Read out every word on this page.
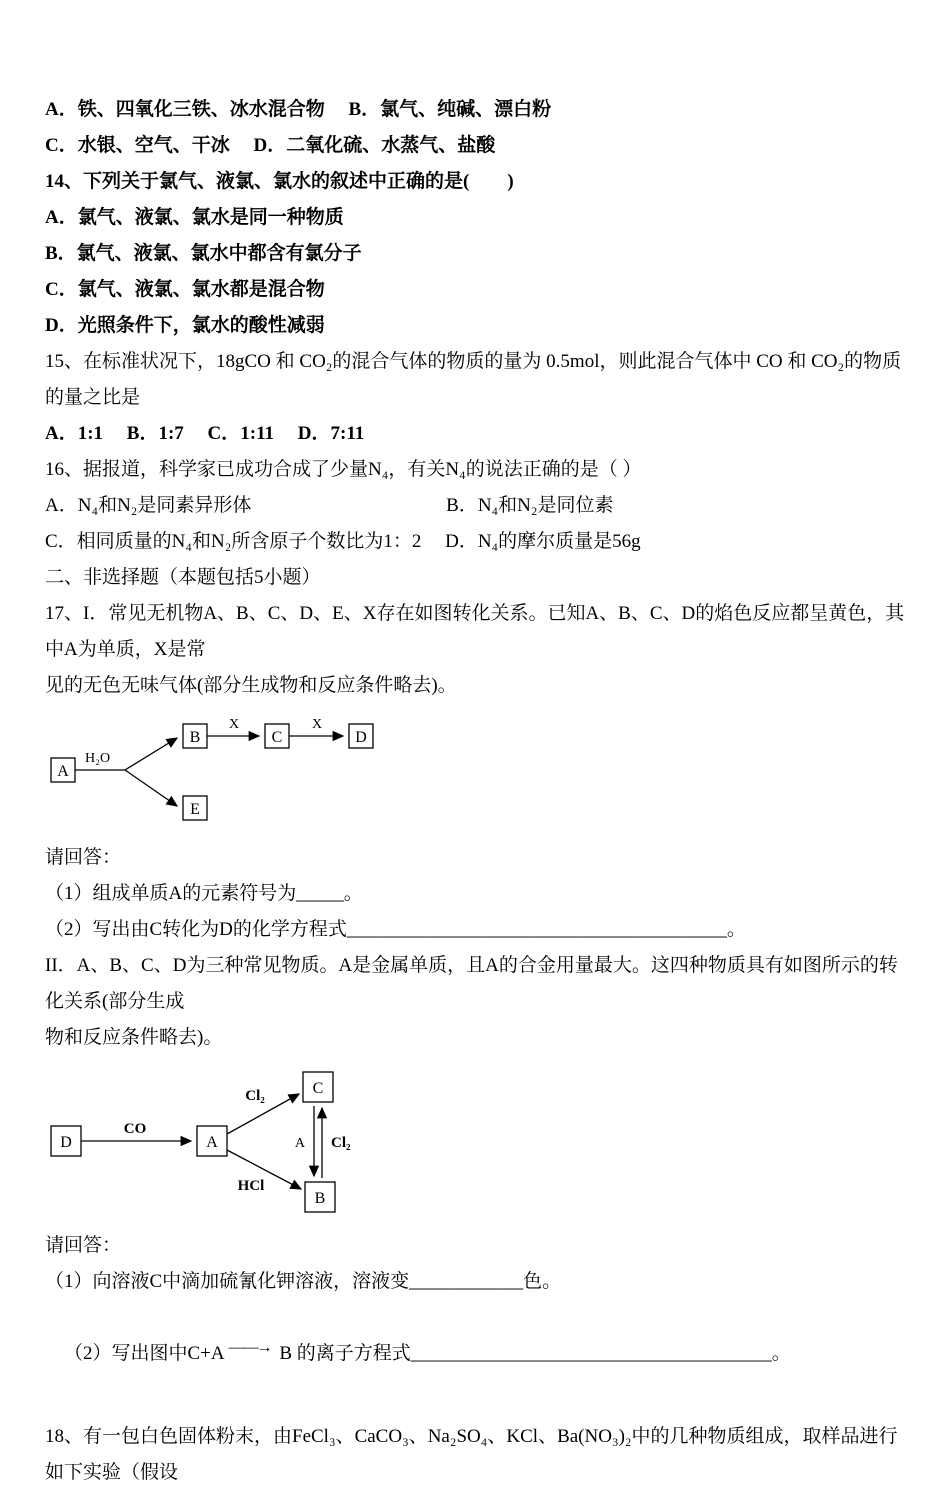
A．铁、四氧化三铁、冰水混合物　 B．氯气、纯碱、漂白粉
C．水银、空气、干冰　 D．二氧化硫、水蒸气、盐酸
14、下列关于氯气、液氯、氯水的叙述中正确的是(　　)
A．氯气、液氯、氯水是同一种物质
B．氯气、液氯、氯水中都含有氯分子
C．氯气、液氯、氯水都是混合物
D．光照条件下，氯水的酸性减弱
15、在标准状况下，18gCO 和 CO₂的混合气体的物质的量为 0.5mol，则此混合气体中 CO 和 CO₂的物质的量之比是
A．1:1　 B．1:7　 C．1:11　 D．7:11
16、据报道，科学家已成功合成了少量N₄，有关N₄的说法正确的是（ ）
A．N₄和N₂是同素异形体　　　　　　　　　　 B．N₄和N₂是同位素
C．相同质量的N₄和N₂所含原子个数比为1：2　 D．N₄的摩尔质量是56g
二、非选择题（本题包括5小题）
17、I．常见无机物A、B、C、D、E、X存在如图转化关系。已知A、B、C、D的焰色反应都呈黄色，其中A为单质，X是常
见的无色无味气体(部分生成物和反应条件略去)。
A
H₂O
B
E
X
C
X
D
请回答：
（1）组成单质A的元素符号为_____。
（2）写出由C转化为D的化学方程式________________________________________。
II．A、B、C、D为三种常见物质。A是金属单质，且A的合金用量最大。这四种物质具有如图所示的转化关系(部分生成
物和反应条件略去)。
D
CO
A
C
B
Cl₂
HCl
A Cl₂
请回答：
（1）向溶液C中滴加硫氰化钾溶液，溶液变____________色。

（2）写出图中C+A ——→ B 的离子方程式______________________________________。

18、有一包白色固体粉末，由FeCl₃、CaCO₃、Na₂SO₄、KCl、Ba(NO₃)₂中的几种物质组成，取样品进行如下实验（假设
